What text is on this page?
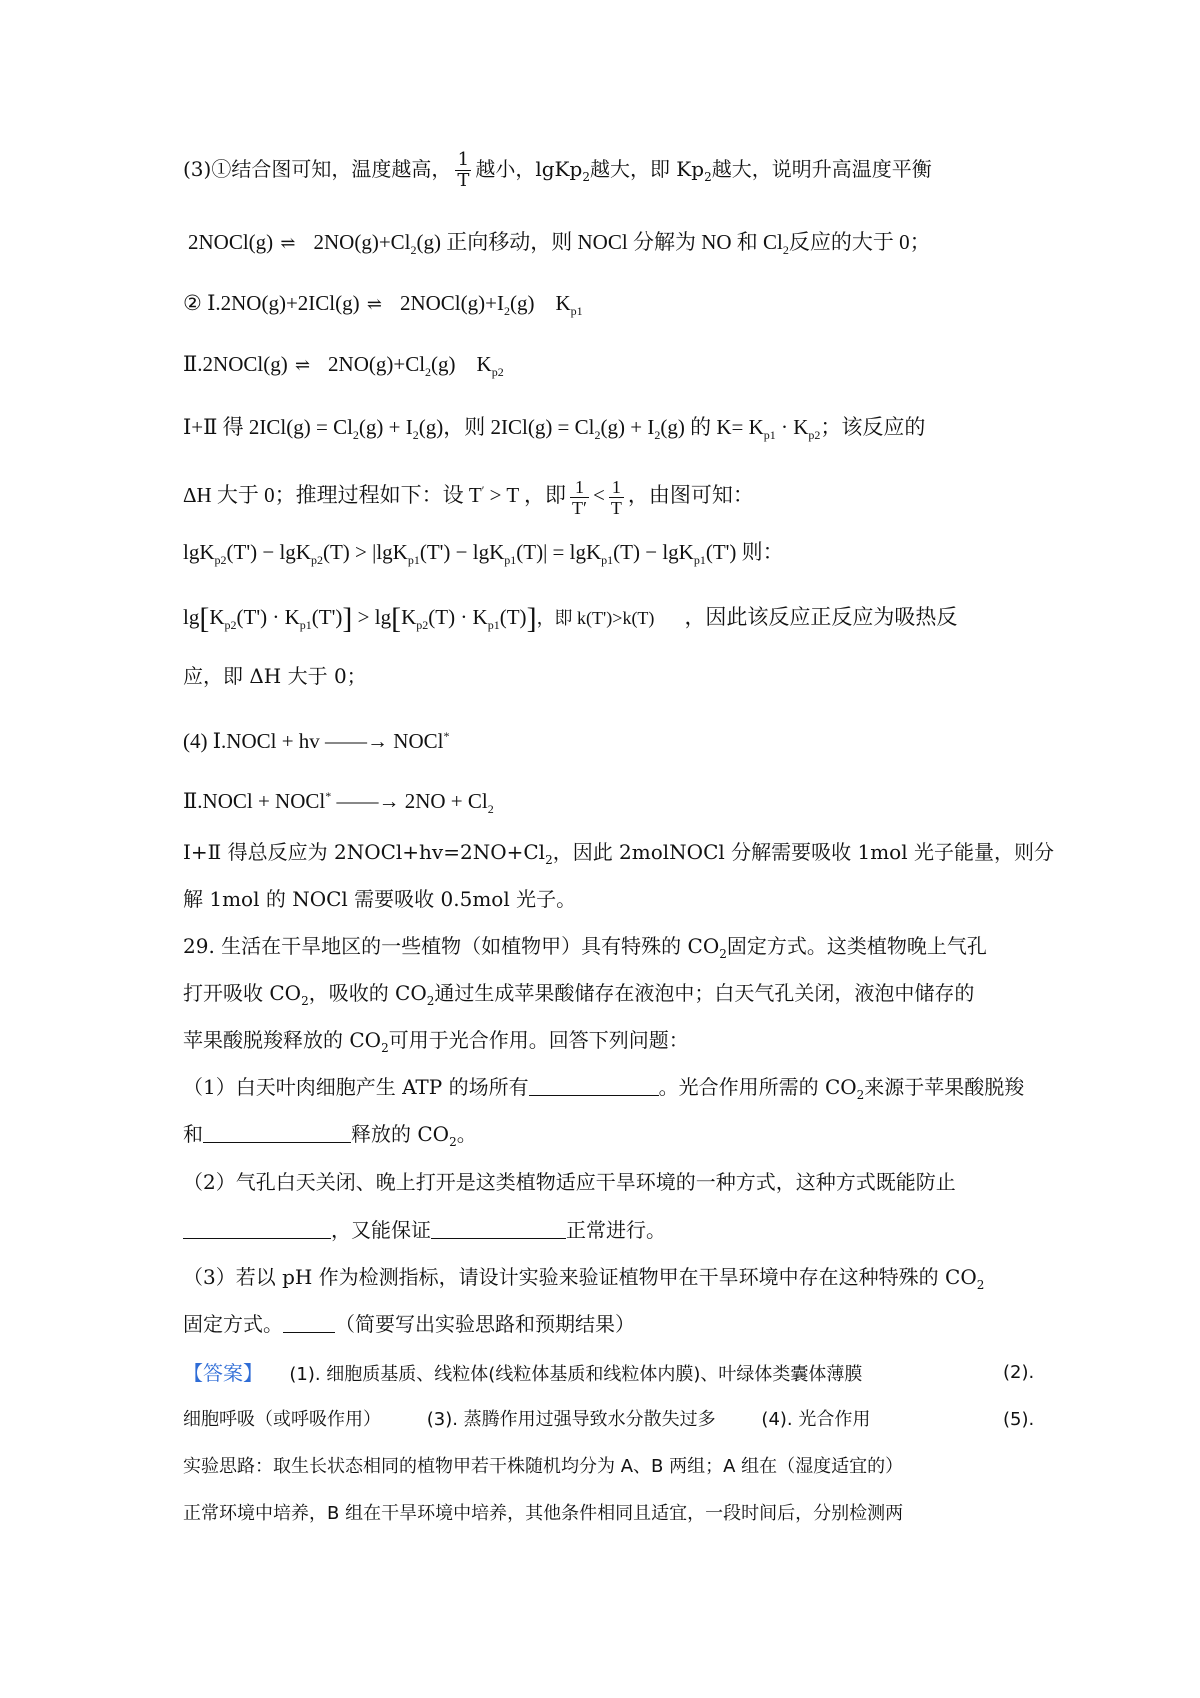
(3)①结合图可知，温度越高， $\frac{1}{T}$ 越小，lgKp$_2$越大，即 $Kp_2$越大，说明升高温度平衡
2NOCl(g) ⇌ $2NO(g)+Cl_2(g)$ 正向移动，则 NOCl 分解为 NO 和 $Cl_2$反应的大于 0；
② Ⅰ.2NO(g)+2ICl(g) ⇌ $2NOCl(g)+I_2(g)$    $K_{p1}$
Ⅱ.2NOCl(g) ⇌ $2NO(g)+Cl_2(g)$    $K_{p2}$
Ⅰ+Ⅱ 得 $2ICl(g) = Cl_2(g) + I_2(g)$，则 $2ICl(g) = Cl_2(g) + I_2(g)$ 的 $K= K_{p1} \cdot K_{p2}$；该反应的
ΔH 大于 0；推理过程如下：设 T′ > T ，即 $\frac{1}{T'} < \frac{1}{T}$ ，由图可知：
lgK$_{p2}$(T') − lgK$_{p2}$(T) > |lgK$_{p1}$(T') − lgK$_{p1}$(T)| = lgK$_{p1}$(T) − lgK$_{p1}$(T') 则：
$\lg[K_{p2}(T') \cdot K_{p1}(T')] > \lg[K_{p2}(T) \cdot K_{p1}(T)]$，即 k(T')>k(T) ，因此该反应正反应为吸热反
应，即 ΔH 大于 0；
(4) Ⅰ.NOCl + hv ——→ NOCl*
Ⅱ.NOCl + NOCl* ——→ $2NO + Cl_2$
Ⅰ+Ⅱ 得总反应为 $2NOCl+hv=2NO+Cl_2$，因此 2molNOCl 分解需要吸收 1mol 光子能量，则分
解 1mol 的 NOCl 需要吸收 0.5mol 光子。
29. 生活在干旱地区的一些植物（如植物甲）具有特殊的 $CO_2$固定方式。这类植物晚上气孔
打开吸收 $CO_2$，吸收的 $CO_2$通过生成苹果酸储存在液泡中；白天气孔关闭，液泡中储存的
苹果酸脱羧释放的 $CO_2$可用于光合作用。回答下列问题：
（1）白天叶肉细胞产生 ATP 的场所有	。光合作用所需的 $CO_2$来源于苹果酸脱羧
和	释放的 $CO_2$。
（2）气孔白天关闭、晚上打开是这类植物适应干旱环境的一种方式，这种方式既能防止
，又能保证	正常进行。
（3）若以 pH 作为检测指标，请设计实验来验证植物甲在干旱环境中存在这种特殊的 $CO_2$
固定方式。	（简要写出实验思路和预期结果）
【答案】 (1). 细胞质基质、线粒体(线粒体基质和线粒体内膜)、叶绿体类囊体薄膜	(2).
细胞呼吸（或呼吸作用）	(3). 蒸腾作用过强导致水分散失过多	(4). 光合作用	(5).
实验思路：取生长状态相同的植物甲若干株随机均分为 A、B 两组；A 组在（湿度适宜的）
正常环境中培养，B 组在干旱环境中培养，其他条件相同且适宜，一段时间后，分别检测两
